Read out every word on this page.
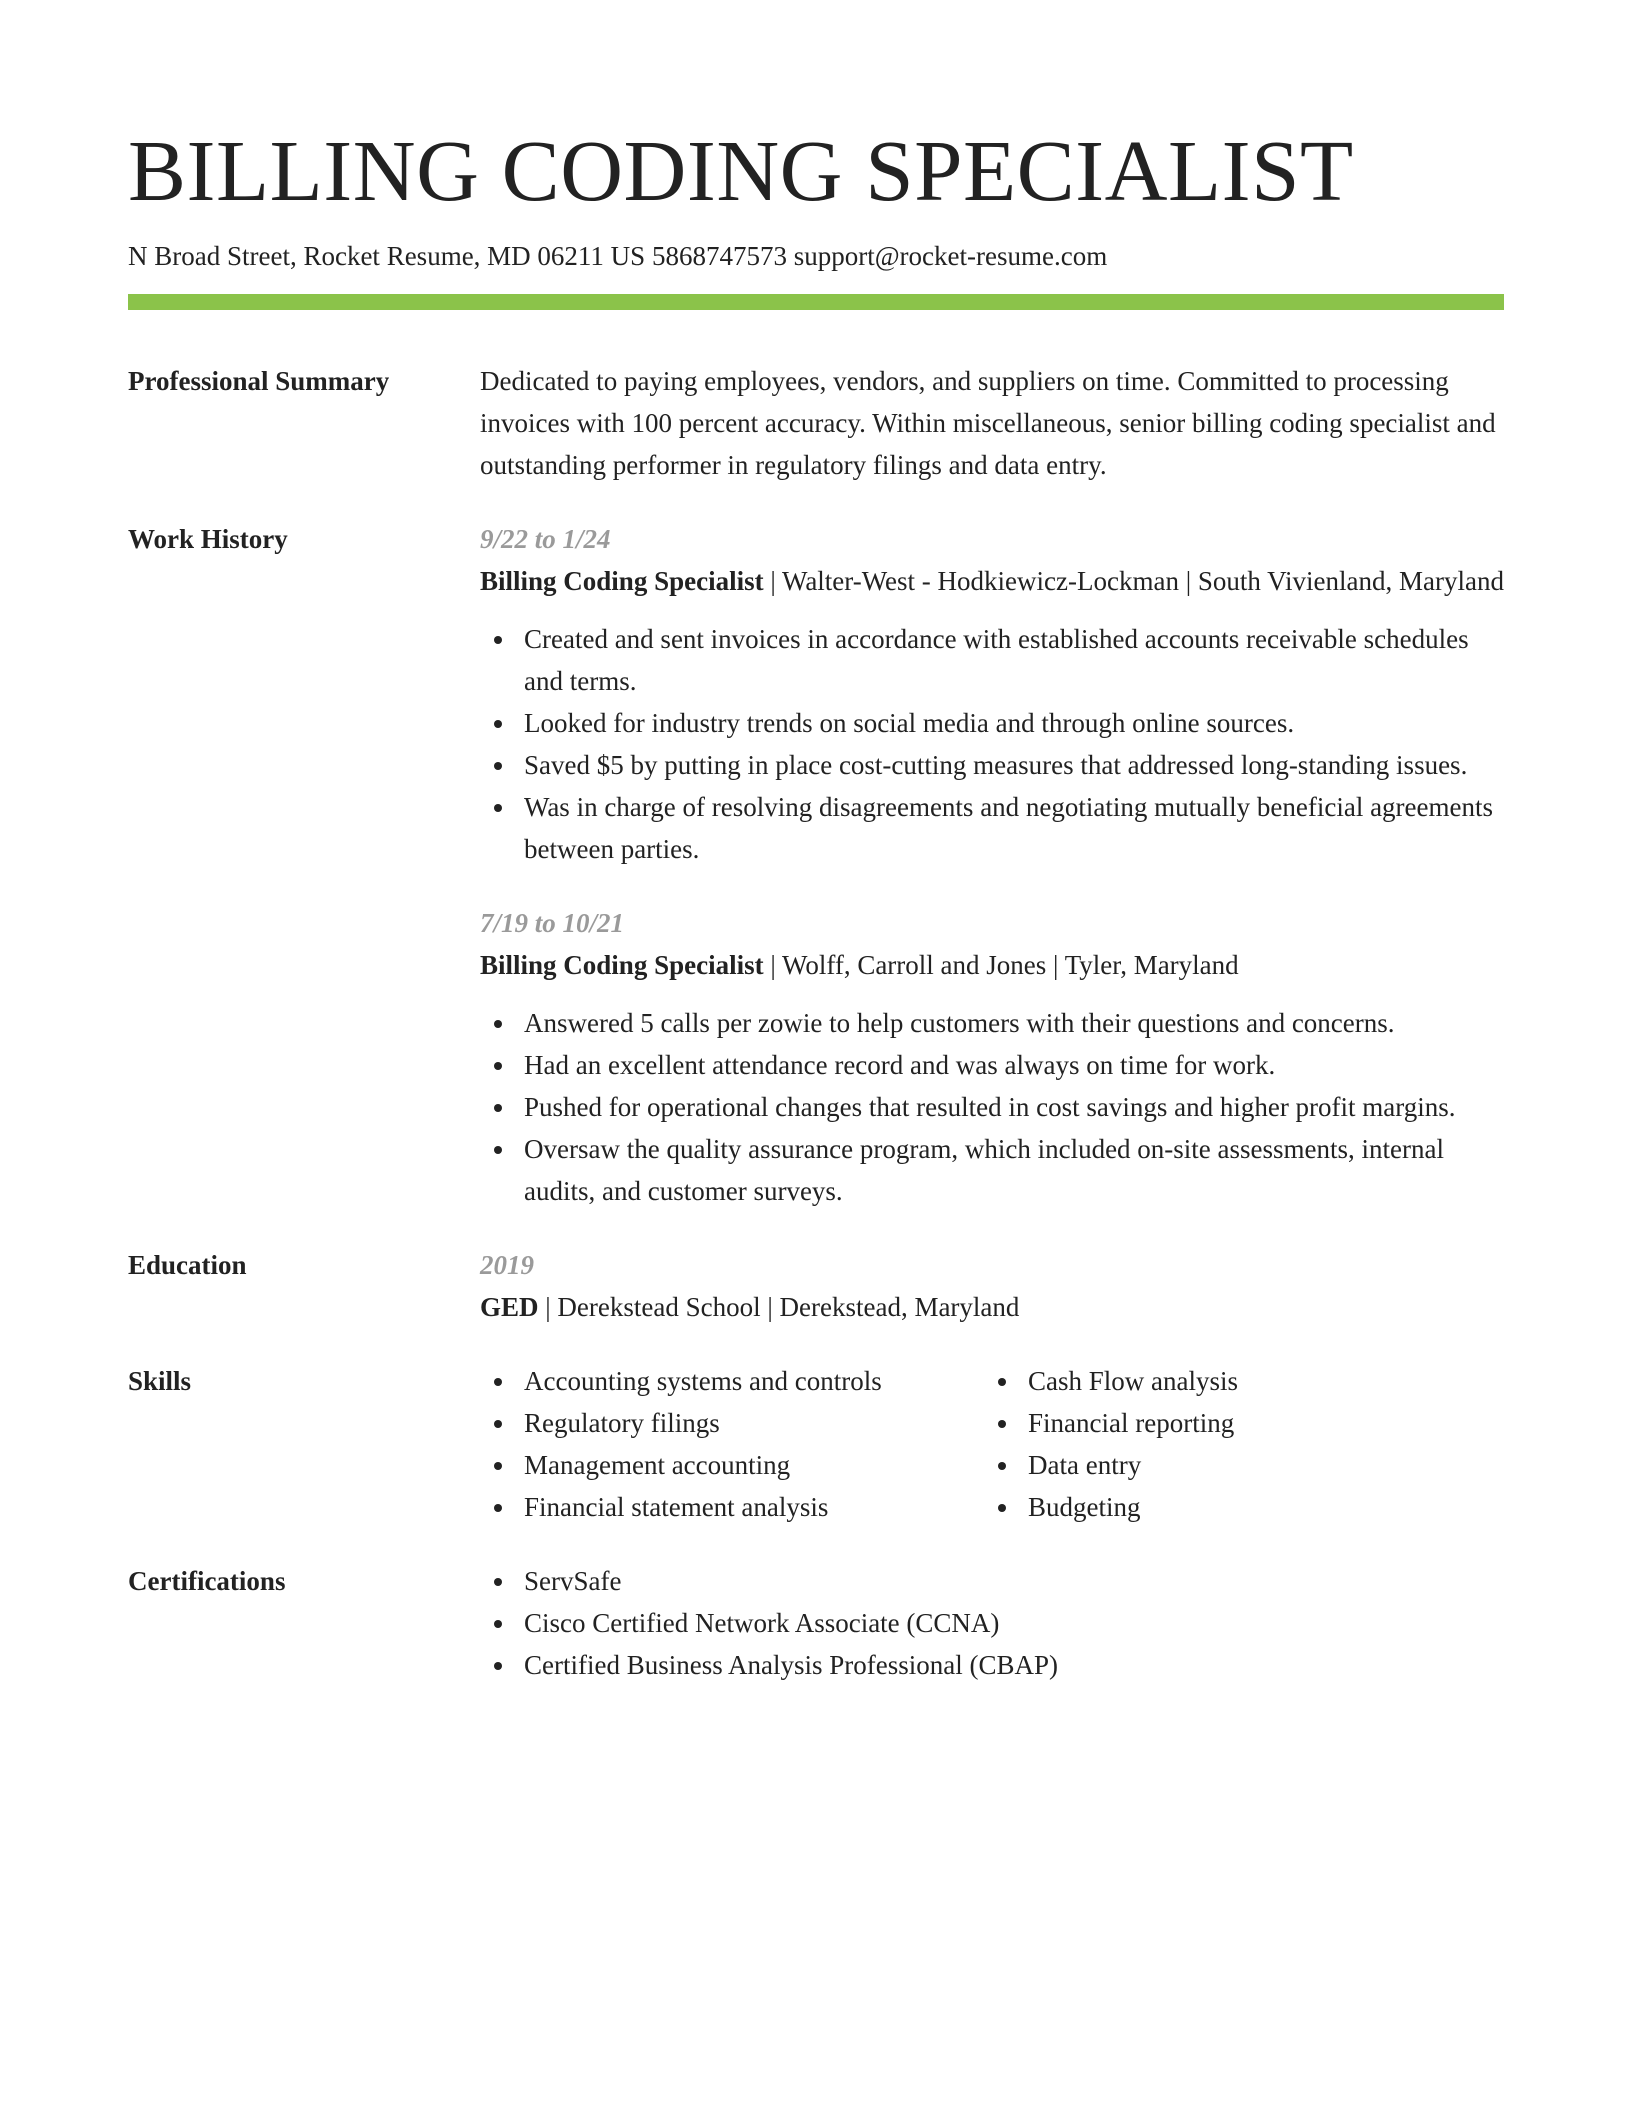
BILLING CODING SPECIALIST
N Broad Street, Rocket Resume, MD 06211 US 5868747573 support@rocket-resume.com
Professional Summary	Dedicated to paying employees, vendors, and suppliers on time. Committed to processing invoices with 100 percent accuracy. Within miscellaneous, senior billing coding specialist and outstanding performer in regulatory filings and data entry.
Work History	9/22 to 1/24
Billing Coding Specialist | Walter-West - Hodkiewicz-Lockman | South Vivienland, Maryland
Created and sent invoices in accordance with established accounts receivable schedules and terms.
Looked for industry trends on social media and through online sources.
Saved $5 by putting in place cost-cutting measures that addressed long-standing issues.
Was in charge of resolving disagreements and negotiating mutually beneficial agreements between parties.
7/19 to 10/21
Billing Coding Specialist | Wolff, Carroll and Jones | Tyler, Maryland
Answered 5 calls per zowie to help customers with their questions and concerns.
Had an excellent attendance record and was always on time for work.
Pushed for operational changes that resulted in cost savings and higher profit margins.
Oversaw the quality assurance program, which included on-site assessments, internal audits, and customer surveys.
Education	2019
GED | Derekstead School | Derekstead, Maryland
Skills	Accounting systems and controls
Regulatory filings
Management accounting
Financial statement analysis
Cash Flow analysis
Financial reporting
Data entry
Budgeting
Certifications	ServSafe
Cisco Certified Network Associate (CCNA)
Certified Business Analysis Professional (CBAP)
